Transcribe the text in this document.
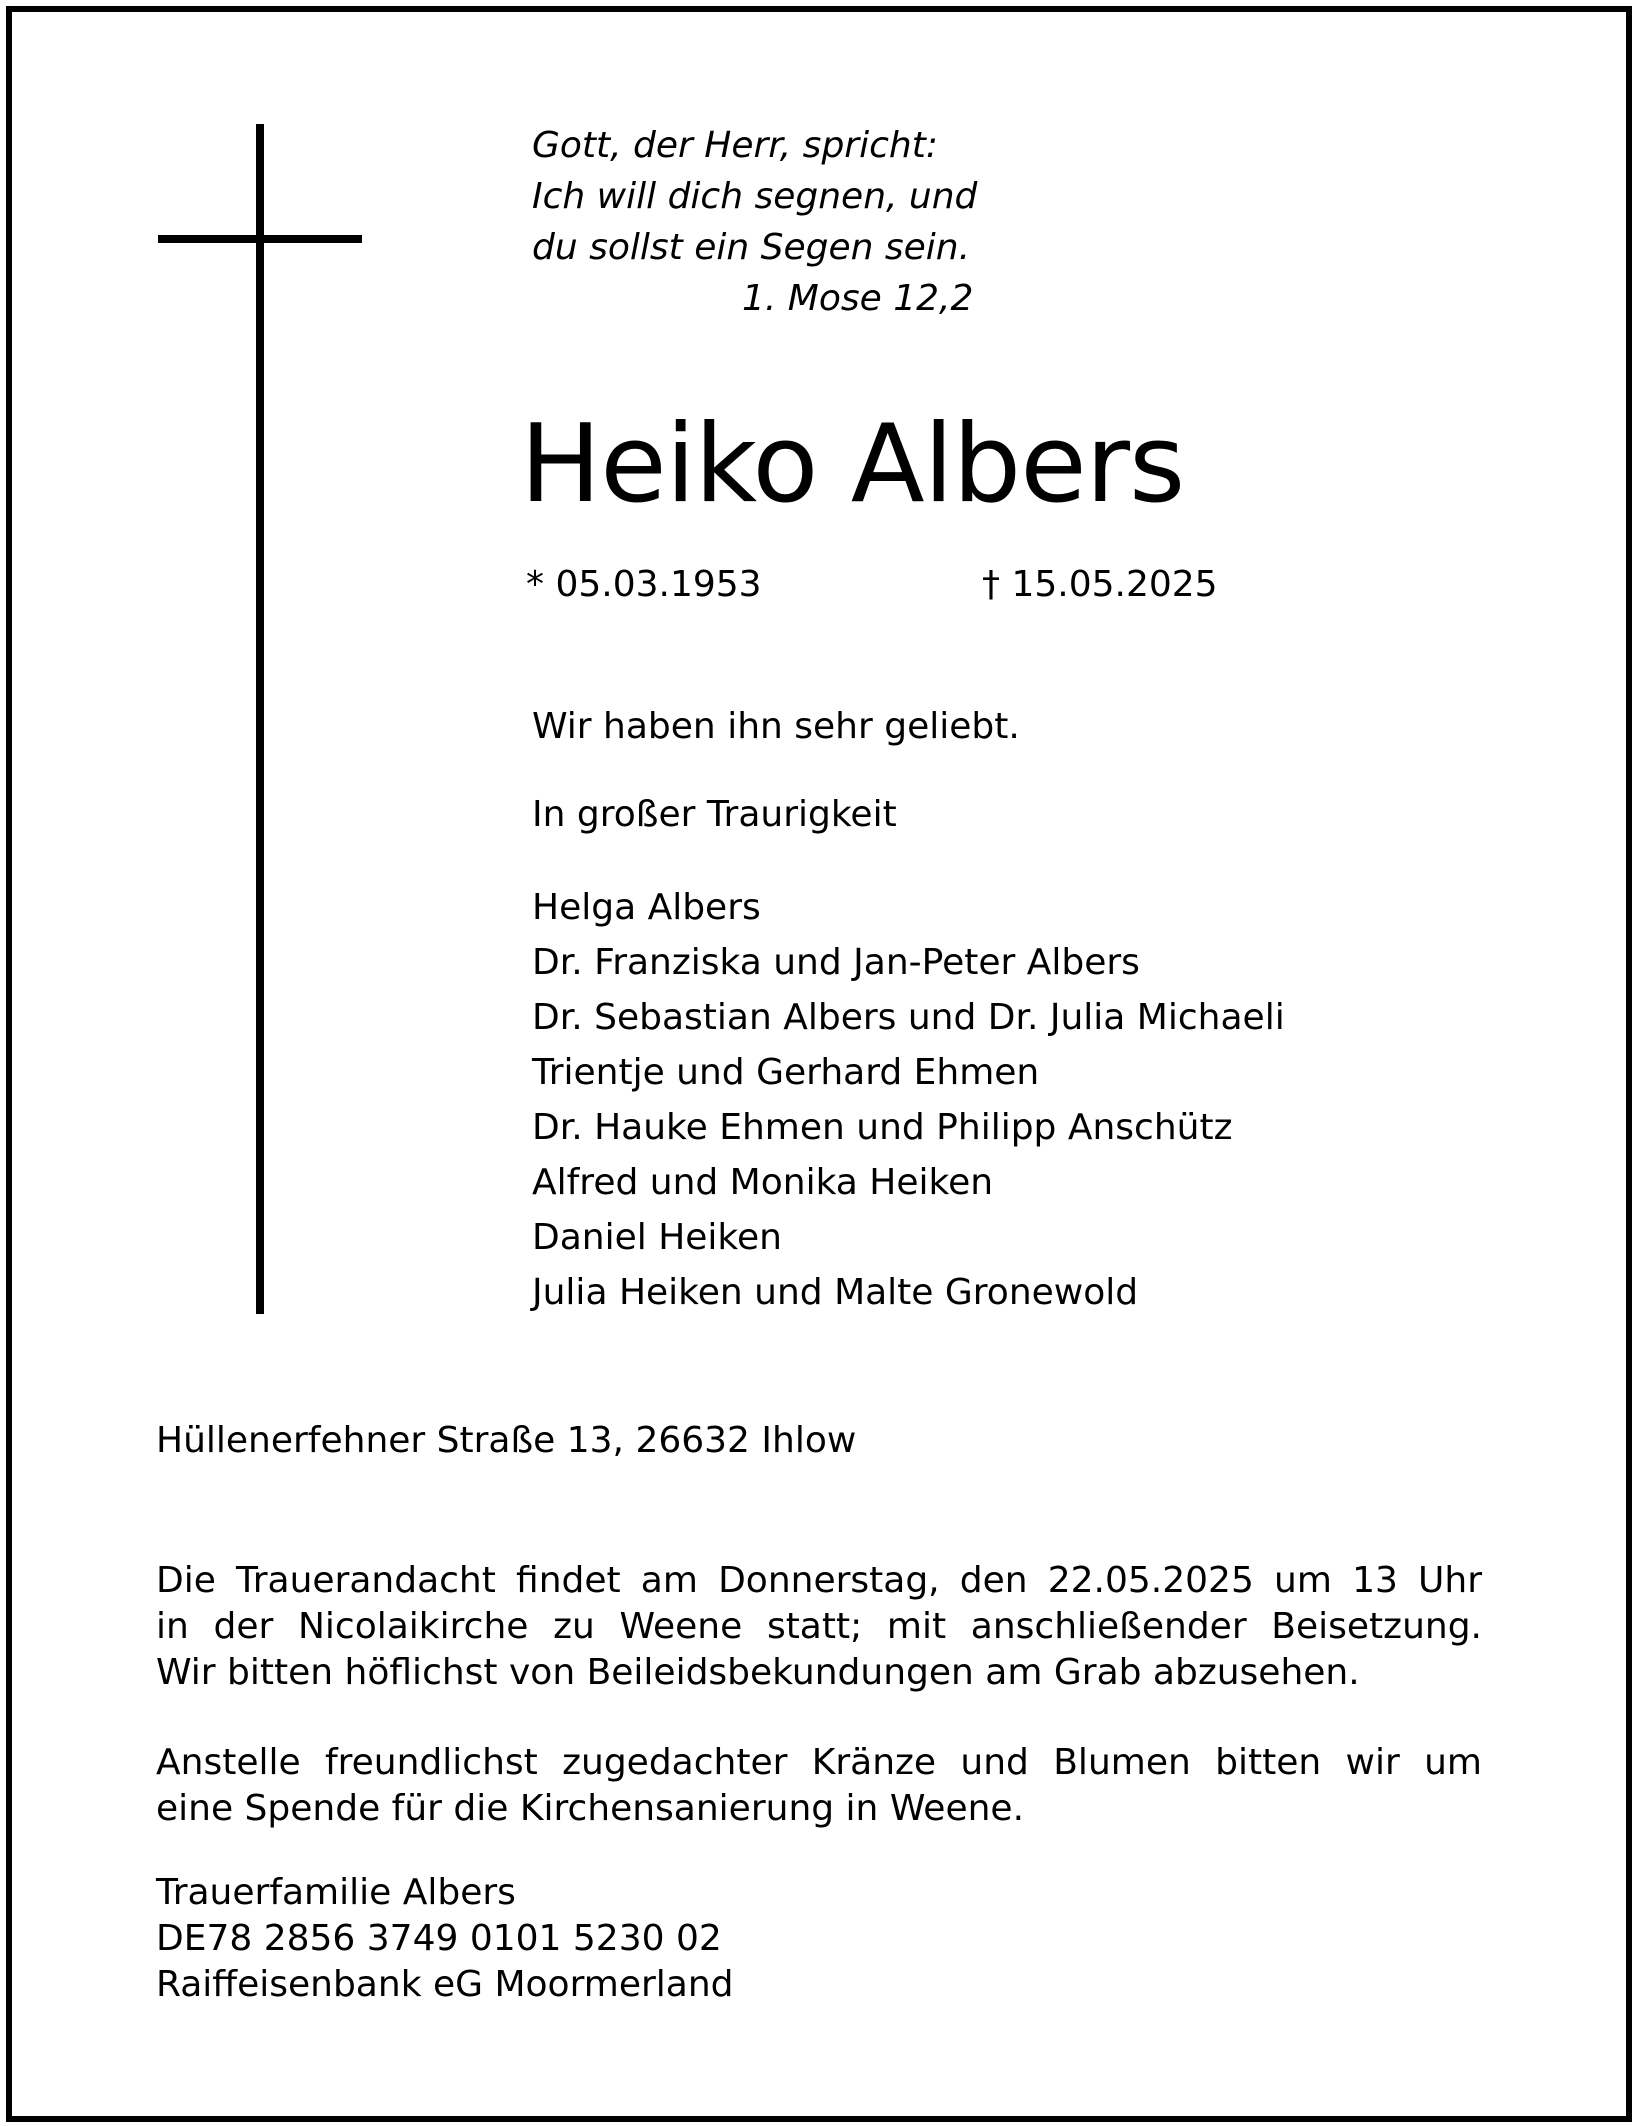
Gott, der Herr, spricht:
Ich will dich segnen, und
du sollst ein Segen sein.
1. Mose 12,2
Heiko Albers
* 05.03.1953	† 15.05.2025
Wir haben ihn sehr geliebt.
In großer Traurigkeit
Helga Albers
Dr. Franziska und Jan-Peter Albers
Dr. Sebastian Albers und Dr. Julia Michaeli
Trientje und Gerhard Ehmen
Dr. Hauke Ehmen und Philipp Anschütz
Alfred und Monika Heiken
Daniel Heiken
Julia Heiken und Malte Gronewold
Hüllenerfehner Straße 13, 26632 Ihlow

Die Trauerandacht findet am Donnerstag, den 22.05.2025 um 13 Uhr
in der Nicolaikirche zu Weene statt; mit anschließender Beisetzung.
Wir bitten höflichst von Beileidsbekundungen am Grab abzusehen.

Anstelle freundlichst zugedachter Kränze und Blumen bitten wir um
eine Spende für die Kirchensanierung in Weene.

Trauerfamilie Albers
DE78 2856 3749 0101 5230 02
Raiffeisenbank eG Moormerland
